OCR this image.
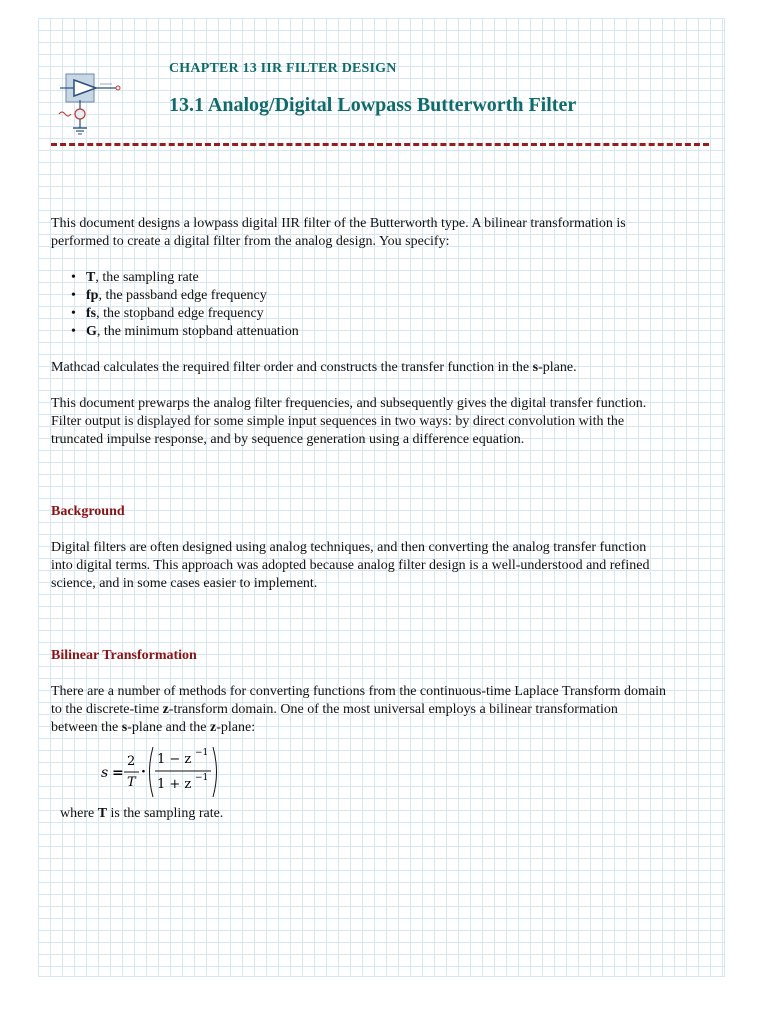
CHAPTER 13 IIR FILTER DESIGN
13.1 Analog/Digital Lowpass Butterworth Filter

This document designs a lowpass digital IIR filter of the Butterworth type. A bilinear transformation is
performed to create a digital filter from the analog design. You specify:

• T, the sampling rate
• fp, the passband edge frequency
• fs, the stopband edge frequency
• G, the minimum stopband attenuation

Mathcad calculates the required filter order and constructs the transfer function in the s-plane.

This document prewarps the analog filter frequencies, and subsequently gives the digital transfer function.
Filter output is displayed for some simple input sequences in two ways: by direct convolution with the
truncated impulse response, and by sequence generation using a difference equation.

Background

Digital filters are often designed using analog techniques, and then converting the analog transfer function
into digital terms. This approach was adopted because analog filter design is a well-understood and refined
science, and in some cases easier to implement.

Bilinear Transformation

There are a number of methods for converting functions from the continuous-time Laplace Transform domain
to the discrete-time z-transform domain. One of the most universal employs a bilinear transformation
between the s-plane and the z-plane:

s =
2
T
·
1 − z −1
1 + z −1

where T is the sampling rate.
